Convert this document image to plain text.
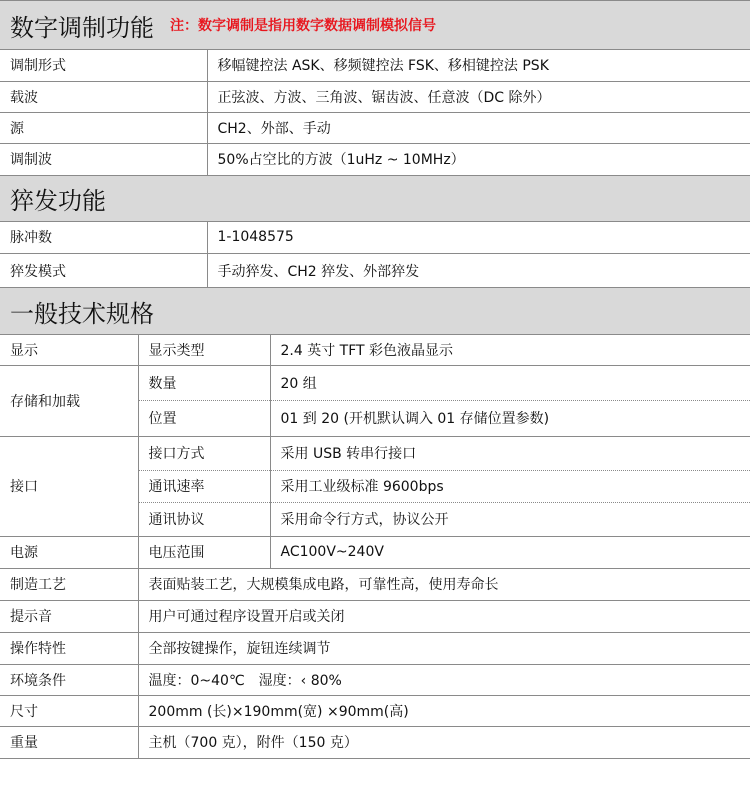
数字调制功能 注：数字调制是指用数字数据调制模拟信号
调制形式	移幅键控法 ASK、移频键控法 FSK、移相键控法 PSK
载波	正弦波、方波、三角波、锯齿波、任意波（DC 除外）
源	CH2、外部、手动
调制波	50%占空比的方波（1uHz ~ 10MHz）
猝发功能
脉冲数	1-1048575
猝发模式	手动猝发、CH2 猝发、外部猝发
一般技术规格
显示	显示类型	2.4 英寸 TFT 彩色液晶显示
存储和加载	数量	20 组
	位置	01 到 20 (开机默认调入 01 存储位置参数)
接口	接口方式	采用 USB 转串行接口
	通讯速率	采用工业级标准 9600bps
	通讯协议	采用命令行方式，协议公开
电源	电压范围	AC100V~240V
制造工艺	表面贴装工艺，大规模集成电路，可靠性高，使用寿命长	
提示音	用户可通过程序设置开启或关闭	
操作特性	全部按键操作，旋钮连续调节	
环境条件	温度：0~40℃　湿度：‹ 80%	
尺寸	200mm (长)×190mm(宽) ×90mm(高)	
重量	主机（700 克），附件（150 克）	
